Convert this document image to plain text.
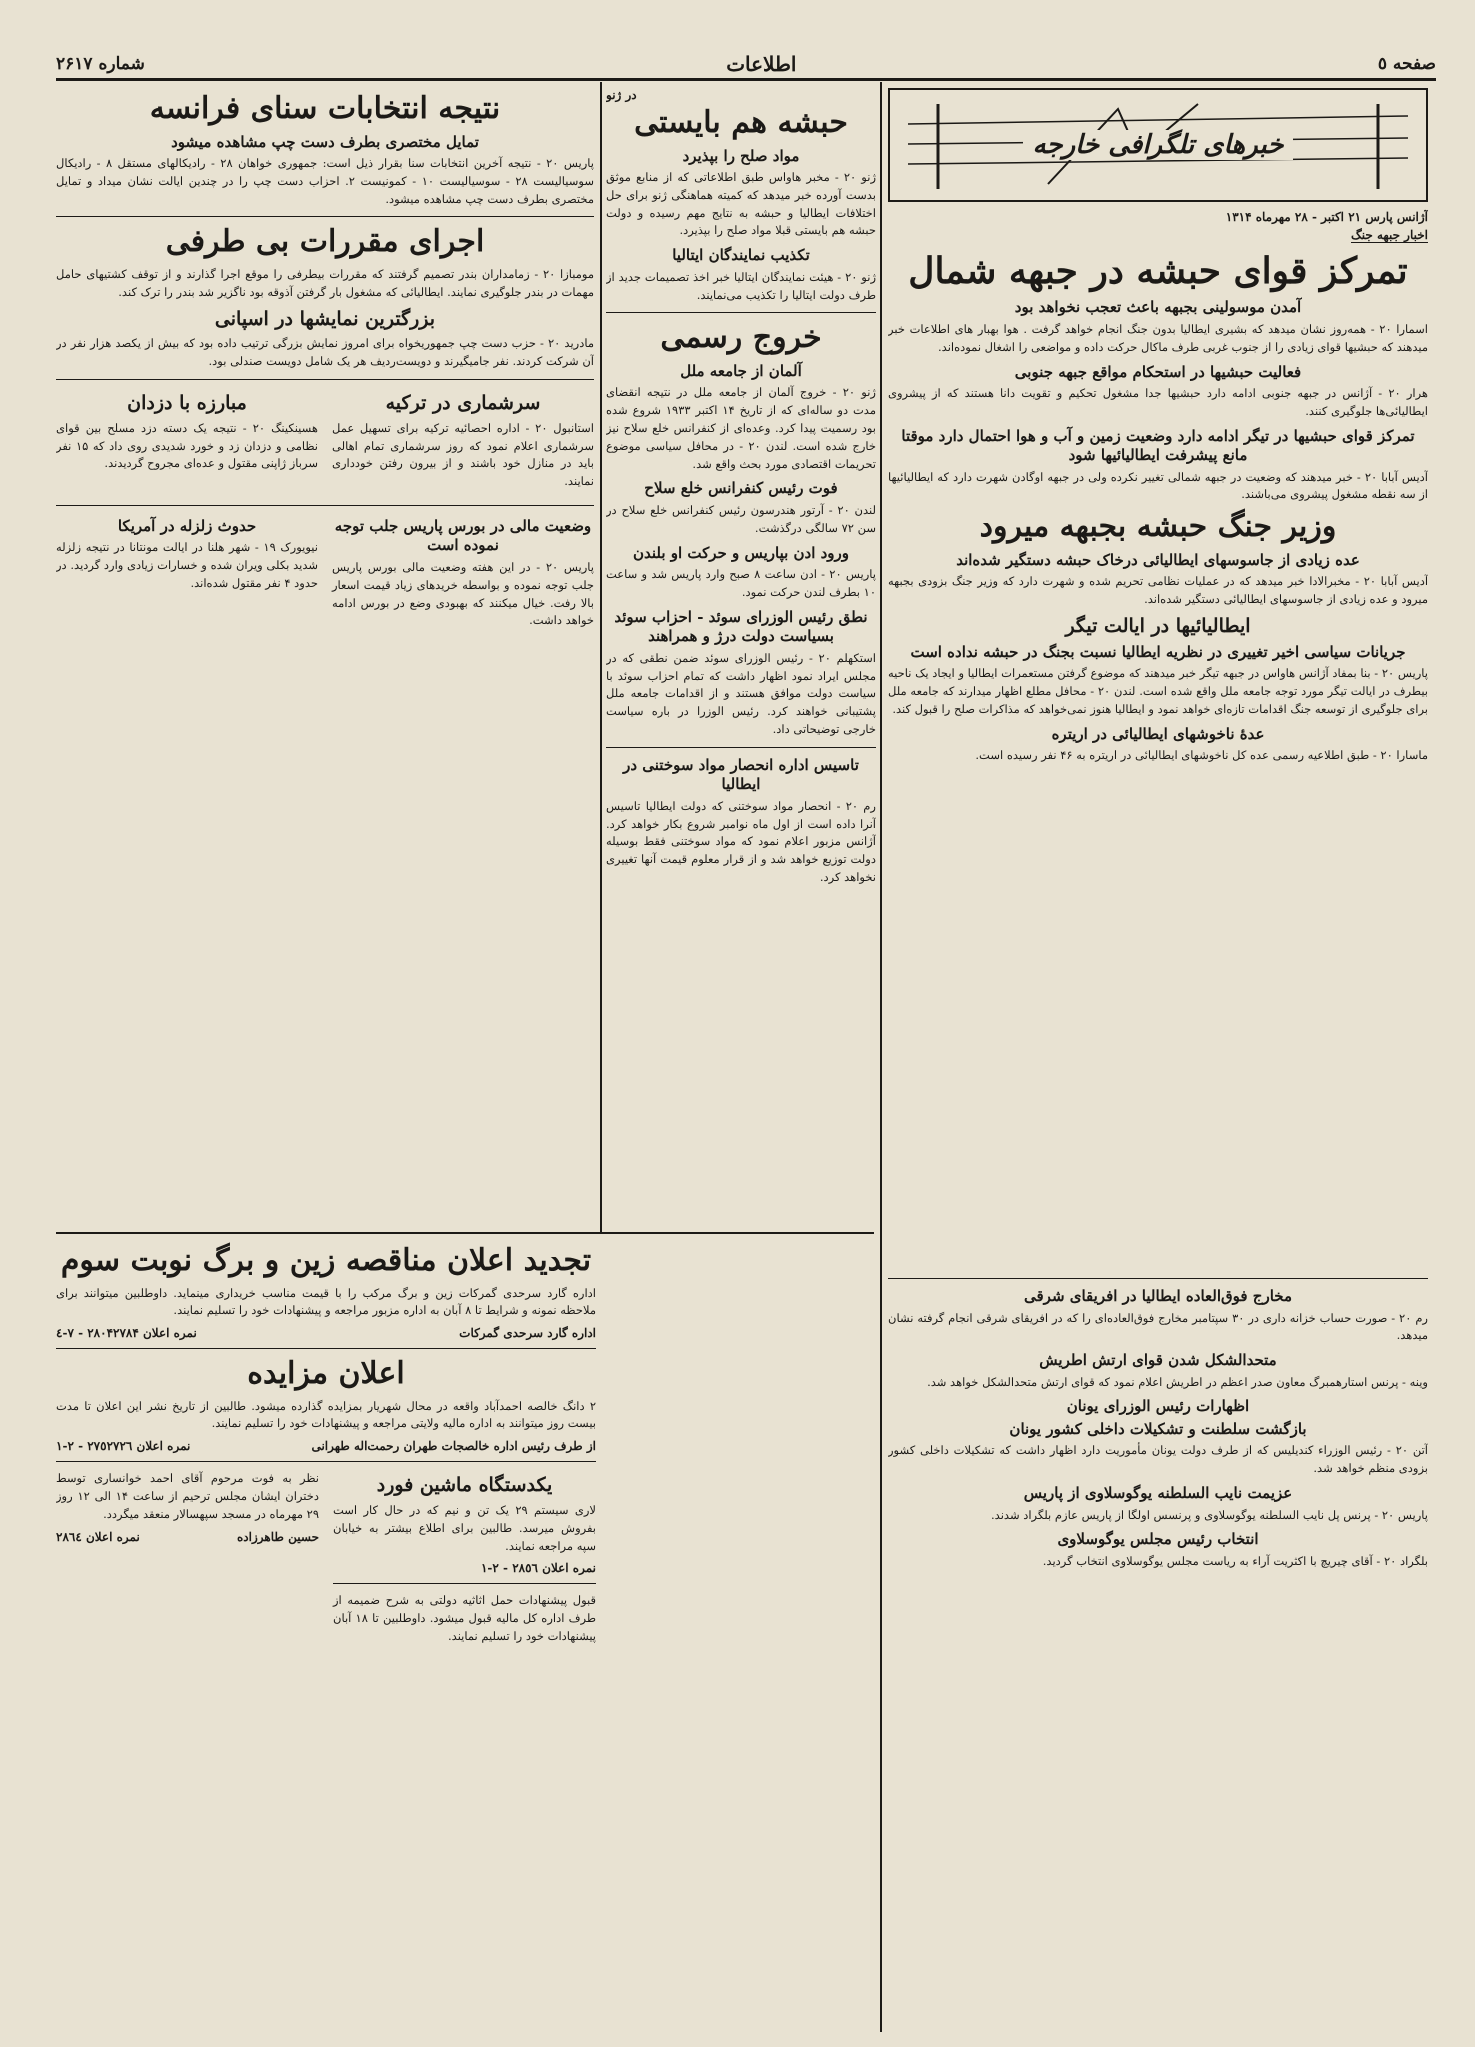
صفحه ٥
اطلاعات
شماره ۲۶۱۷
خبرهای تلگرافی خارجه
آژانس پارس ۲۱ اکتبر - ۲۸ مهرماه ۱۳۱۴
اخبار جبهه جنگ
تمرکز قوای حبشه در جبهه شمال
آمدن موسولینی بجبهه باعث تعجب نخواهد بود

اسمارا ۲۰ - همه‌روز نشان میدهد که بشیری ایطالیا بدون جنگ انجام خواهد گرفت . هوا بهبار های اطلاعات خبر میدهند که حبشیها قوای زیادی را از جنوب غربی طرف ماکال حرکت داده و مواضعی را اشغال نموده‌اند.

فعالیت حبشیها در استحکام مواقع جبهه جنوبی

هرار ۲۰ - آژانس در جبهه جنوبی ادامه دارد حبشیها جدا مشغول تحکیم و تقویت دانا هستند که از پیشروی ایطالیائی‌ها جلوگیری کنند.

تمرکز قوای حبشیها در تیگر ادامه دارد وضعیت زمین و آب و هوا احتمال دارد موقتا مانع پیشرفت ایطالیائیها شود

آدیس آبابا ۲۰ - خبر میدهند که وضعیت در جبهه شمالی تغییر نکرده ولی در جبهه اوگادن شهرت دارد که ایطالیائیها از سه نقطه مشغول پیشروی می‌باشند.

وزیر جنگ حبشه بجبهه میرود
عده زیادی از جاسوسهای ایطالیائی درخاک حبشه دستگیر شده‌اند

آدیس آبابا ۲۰ - مخبرالادا خبر میدهد که در عملیات نظامی تحریم شده و شهرت دارد که وزیر جنگ بزودی بجبهه میرود و عده زیادی از جاسوسهای ایطالیائی دستگیر شده‌اند.

ایطالیائیها در ایالت تیگر
جریانات سیاسی اخیر تغییری در نظریه ایطالیا نسبت بجنگ در حبشه نداده است

پاریس ۲۰ - بنا بمفاد آژانس هاواس در جبهه تیگر خبر میدهند که موضوع گرفتن مستعمرات ایطالیا و ایجاد یک ناحیه بیطرف در ایالت تیگر مورد توجه جامعه ملل واقع شده است. لندن ۲۰ - محافل مطلع اظهار میدارند که جامعه ملل برای جلوگیری از توسعه جنگ اقدامات تازه‌ای خواهد نمود و ایطالیا هنوز نمی‌خواهد که مذاکرات صلح را قبول کند.

عدۀ ناخوشهای ایطالیائی در اریتره

ماسارا ۲۰ - طبق اطلاعیه رسمی عده کل ناخوشهای ایطالیائی در اریتره به ۴۶ نفر رسیده است.

مخارج فوق‌العاده ایطالیا در افریقای شرقی

رم ۲۰ - صورت حساب خزانه داری در ۳۰ سپتامبر مخارج فوق‌العاده‌ای را که در افریقای شرقی انجام گرفته نشان میدهد.

متحدالشکل شدن قوای ارتش اطریش

وینه - پرنس استارهمبرگ معاون صدر اعظم در اطریش اعلام نمود که قوای ارتش متحدالشکل خواهد شد.

اظهارات رئیس الوزرای یونان
بازگشت سلطنت و تشکیلات داخلی کشور یونان

آتن ۲۰ - رئیس الوزراء کندیلیس که از طرف دولت یونان مأموریت دارد اظهار داشت که تشکیلات داخلی کشور بزودی منظم خواهد شد.

عزیمت نایب السلطنه یوگوسلاوی از پاریس

پاریس ۲۰ - پرنس پل نایب السلطنه یوگوسلاوی و پرنسس اولگا از پاریس عازم بلگراد شدند.

انتخاب رئیس مجلس یوگوسلاوی

بلگراد ۲۰ - آقای چیریچ با اکثریت آراء به ریاست مجلس یوگوسلاوی انتخاب گردید.

در ژنو
حبشه هم بایستی
مواد صلح را بپذیرد

ژنو ۲۰ - مخبر هاواس طبق اطلاعاتی که از منابع موثق بدست آورده خبر میدهد که کمیته هماهنگی ژنو برای حل اختلافات ایطالیا و حبشه به نتایج مهم رسیده و دولت حبشه هم بایستی قبلا مواد صلح را بپذیرد.

تکذیب نمایندگان ایتالیا

ژنو ۲۰ - هیئت نمایندگان ایتالیا خبر اخذ تصمیمات جدید از طرف دولت ایتالیا را تکذیب می‌نمایند.

خروج رسمی
آلمان از جامعه ملل

ژنو ۲۰ - خروج آلمان از جامعه ملل در نتیجه انقضای مدت دو ساله‌ای که از تاریخ ۱۴ اکتبر ۱۹۳۳ شروع شده بود رسمیت پیدا کرد. وعده‌ای از کنفرانس خلع سلاح نیز خارج شده است. لندن ۲۰ - در محافل سیاسی موضوع تحریمات اقتصادی مورد بحث واقع شد.

فوت رئیس کنفرانس خلع سلاح

لندن ۲۰ - آرتور هندرسون رئیس کنفرانس خلع سلاح در سن ۷۲ سالگی درگذشت.

ورود ادن بپاریس و حرکت او بلندن

پاریس ۲۰ - ادن ساعت ۸ صبح وارد پاریس شد و ساعت ۱۰ بطرف لندن حرکت نمود.

نطق رئیس الوزرای سوئد - احزاب سوئد بسیاست دولت درژ و همراهند

استکهلم ۲۰ - رئیس الوزرای سوئد ضمن نطقی که در مجلس ایراد نمود اظهار داشت که تمام احزاب سوئد با سیاست دولت موافق هستند و از اقدامات جامعه ملل پشتیبانی خواهند کرد. رئیس الوزرا در باره سیاست خارجی توضیحاتی داد.

تاسیس اداره انحصار مواد سوختنی در ایطالیا

رم ۲۰ - انحصار مواد سوختنی که دولت ایطالیا تاسیس آنرا داده است از اول ماه نوامبر شروع بکار خواهد کرد. آژانس مزبور اعلام نمود که مواد سوختنی فقط بوسیله دولت توزیع خواهد شد و از قرار معلوم قیمت آنها تغییری نخواهد کرد.

نتیجه انتخابات سنای فرانسه
تمایل مختصری بطرف دست چپ مشاهده میشود

پاریس ۲۰ - نتیجه آخرین انتخابات سنا بقرار ذیل است: جمهوری خواهان ۲۸ - رادیکالهای مستقل ۸ - رادیکال سوسیالیست ۲۸ - سوسیالیست ۱۰ - کمونیست ۲. احزاب دست چپ را در چندین ایالت نشان میداد و تمایل مختصری بطرف دست چپ مشاهده میشود.

اجرای مقررات بی طرفی

مومبازا ۲۰ - زمامداران بندر تصمیم گرفتند که مقررات بیطرفی را موقع اجرا گذارند و از توقف کشتیهای حامل مهمات در بندر جلوگیری نمایند. ایطالیائی که مشغول بار گرفتن آذوقه بود ناگزیر شد بندر را ترک کند.

بزرگترین نمایشها در اسپانی

مادرید ۲۰ - حزب دست چپ جمهوریخواه برای امروز نمایش بزرگی ترتیب داده بود که بیش از یکصد هزار نفر در آن شرکت کردند. نفر جامیگیرند و دویست‌ردیف هر یک شامل دویست صندلی بود.

سرشماری در ترکیه

استانبول ۲۰ - اداره احصائیه ترکیه برای تسهیل عمل سرشماری اعلام نمود که روز سرشماری تمام اهالی باید در منازل خود باشند و از بیرون رفتن خودداری نمایند.

مبارزه با دزدان

هسینکینگ ۲۰ - نتیجه یک دسته دزد مسلح بین قوای نظامی و دزدان زد و خورد شدیدی روی داد که ۱۵ نفر سرباز ژاپنی مقتول و عده‌ای مجروح گردیدند.

وضعیت مالی در بورس پاریس جلب توجه نموده است

پاریس ۲۰ - در این هفته وضعیت مالی بورس پاریس جلب توجه نموده و بواسطه خریدهای زیاد قیمت اسعار بالا رفت. خیال میکنند که بهبودی وضع در بورس ادامه خواهد داشت.

حدوث زلزله در آمریکا

نیویورک ۱۹ - شهر هلنا در ایالت مونتانا در نتیجه زلزله شدید بکلی ویران شده و خسارات زیادی وارد گردید. در حدود ۴ نفر مقتول شده‌اند.

تجدید اعلان مناقصه زین و برگ نوبت سوم

اداره گارد سرحدی گمرکات زین و برگ مرکب را با قیمت مناسب خریداری مینماید. داوطلبین میتوانند برای ملاحظه نمونه و شرایط تا ۸ آبان به اداره مزبور مراجعه و پیشنهادات خود را تسلیم نمایند.

اداره گارد سرحدی گمرکات
نمره اعلان ۲۸۰۴۲۷۸۴ - ۷-٤
اعلان مزایده

۲ دانگ خالصه احمدآباد واقعه در محال شهریار بمزایده گذارده میشود. طالبین از تاریخ نشر این اعلان تا مدت بیست روز میتوانند به اداره مالیه ولایتی مراجعه و پیشنهادات خود را تسلیم نمایند.

از طرف رئیس اداره خالصجات طهران رحمت‌اله طهرانی
نمره اعلان ۲۷٥۲۷۲٦ - ۲-۱
یکدستگاه ماشین فورد

لاری سیستم ۲۹ یک تن و نیم که در حال کار است بفروش میرسد. طالبین برای اطلاع بیشتر به خیابان سپه مراجعه نمایند.

نمره اعلان ۲۸٥٦ - ۲-۱

قبول پیشنهادات حمل اثاثیه دولتی به شرح ضمیمه از طرف اداره کل مالیه قبول میشود. داوطلبین تا ۱۸ آبان پیشنهادات خود را تسلیم نمایند.

نظر به فوت مرحوم آقای احمد خوانساری توسط دختران ایشان مجلس ترحیم از ساعت ۱۴ الی ۱۲ روز ۲۹ مهرماه در مسجد سپهسالار منعقد میگردد.

حسین طاهرزاده
نمره اعلان ۲۸٦٤
